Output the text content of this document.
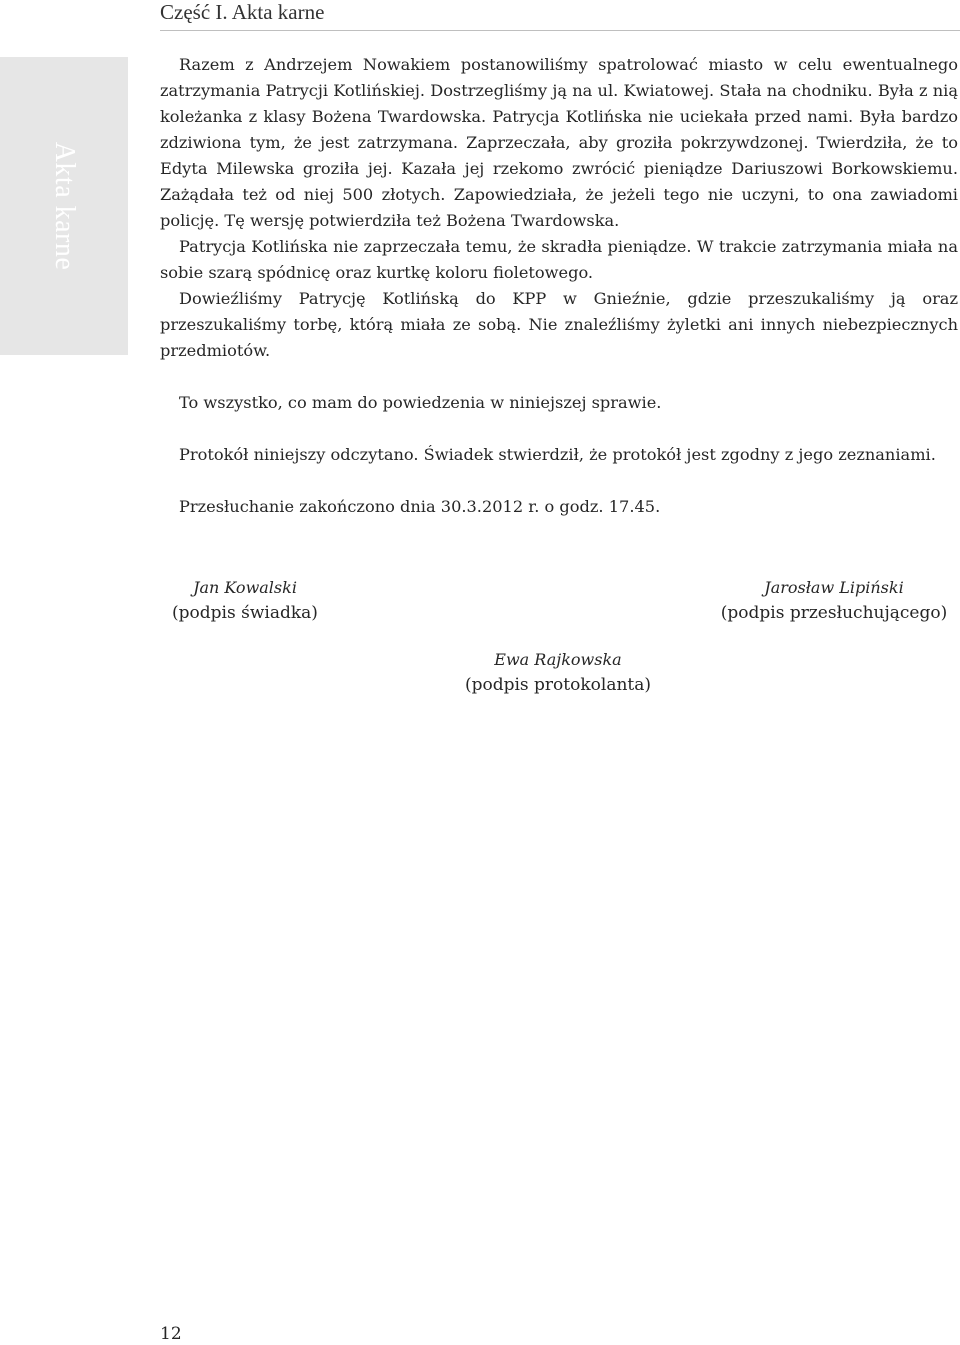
Część I. Akta karne
Akta karne

Razem z Andrzejem Nowakiem postanowiliśmy spatrolować miasto w celu ewentualnego zatrzymania Patrycji Kotlińskiej. Dostrzegliśmy ją na ul. Kwiatowej. Stała na chodniku. Była z nią koleżanka z klasy Bożena Twardowska. Patrycja Kotlińska nie uciekała przed nami. Była bardzo zdziwiona tym, że jest zatrzymana. Zaprzeczała, aby groziła pokrzywdzonej. Twierdziła, że to Edyta Milewska groziła jej. Kazała jej rzekomo zwrócić pieniądze Dariuszowi Borkowskiemu. Zażądała też od niej 500 złotych. Zapowiedziała, że jeżeli tego nie uczyni, to ona zawiadomi policję. Tę wersję potwierdziła też Bożena Twardowska.

Patrycja Kotlińska nie zaprzeczała temu, że skradła pieniądze. W trakcie zatrzymania miała na sobie szarą spódnicę oraz kurtkę koloru fioletowego.

Dowieźliśmy Patrycję Kotlińską do KPP w Gnieźnie, gdzie przeszukaliśmy ją oraz przeszukaliśmy torbę, którą miała ze sobą. Nie znaleźliśmy żyletki ani innych niebezpiecznych przedmiotów.

To wszystko, co mam do powiedzenia w niniejszej sprawie.

Protokół niniejszy odczytano. Świadek stwierdził, że protokół jest zgodny z jego zeznaniami.

Przesłuchanie zakończono dnia 30.3.2012 r. o godz. 17.45.

Jan Kowalski
(podpis świadka)
Jarosław Lipiński
(podpis przesłuchującego)
Ewa Rajkowska
(podpis protokolanta)
12
